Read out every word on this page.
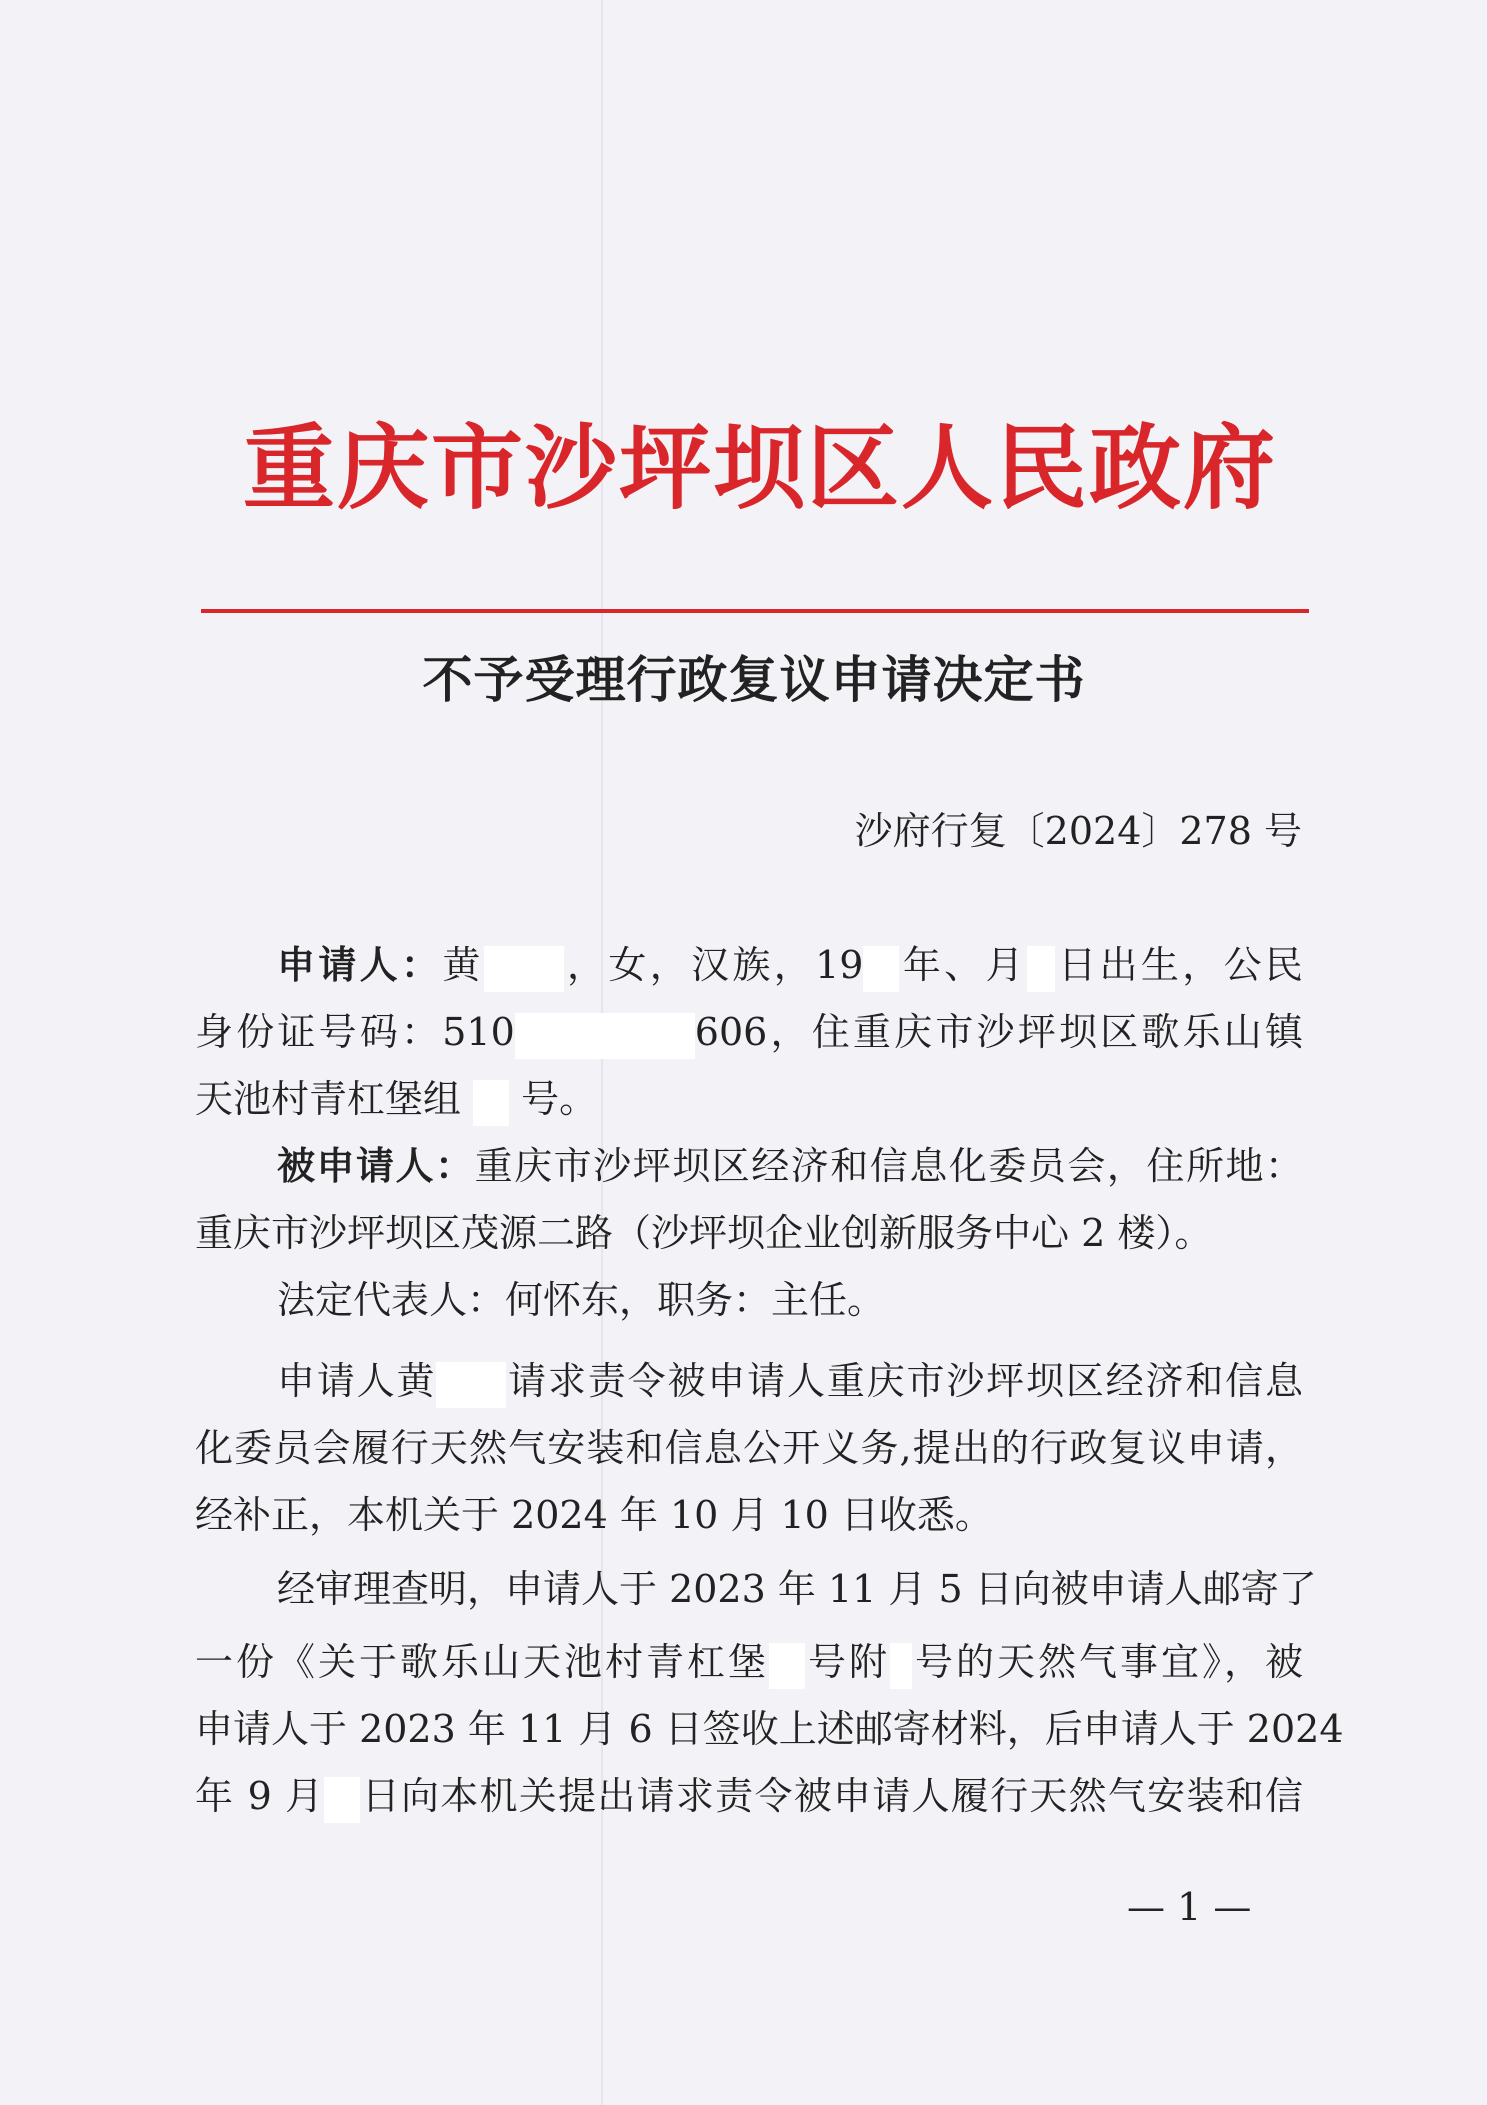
重庆市沙坪坝区人民政府
不予受理行政复议申请决定书
沙府行复〔2024〕278 号
申请人：黄 ，女，汉族，19 年、月 日出生，公民
身份证号码：510	606，住重庆市沙坪坝区歌乐山镇
天池村青杠堡组  号。
被申请人：重庆市沙坪坝区经济和信息化委员会，住所地：
重庆市沙坪坝区茂源二路（沙坪坝企业创新服务中心 2 楼）。
法定代表人：何怀东，职务：主任。
申请人黄 请求责令被申请人重庆市沙坪坝区经济和信息
化委员会履行天然气安装和信息公开义务,提出的行政复议申请，
经补正，本机关于 2024 年 10 月 10 日收悉。
经审理查明，申请人于 2023 年 11 月 5 日向被申请人邮寄了
一份《关于歌乐山天池村青杠堡 号附 号的天然气事宜》，被
申请人于 2023 年 11 月 6 日签收上述邮寄材料，后申请人于 2024
年 9 月 日向本机关提出请求责令被申请人履行天然气安装和信
— 1 —
